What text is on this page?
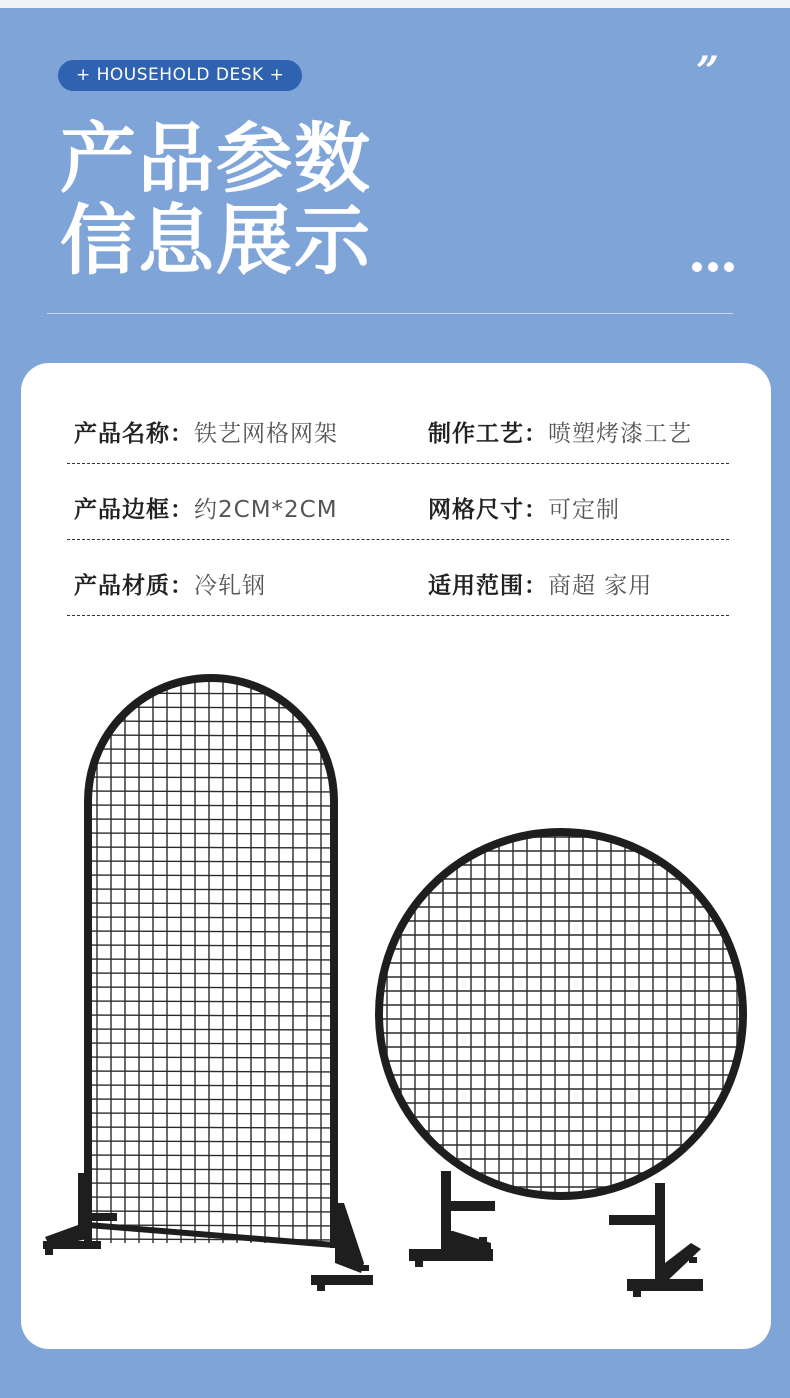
+ HOUSEHOLD DESK +	”
产品参数
信息展示
产品名称：铁艺网格网架	制作工艺：喷塑烤漆工艺
产品边框：约2CM*2CM	网格尺寸：可定制
产品材质：冷轧钢	适用范围：商超 家用
